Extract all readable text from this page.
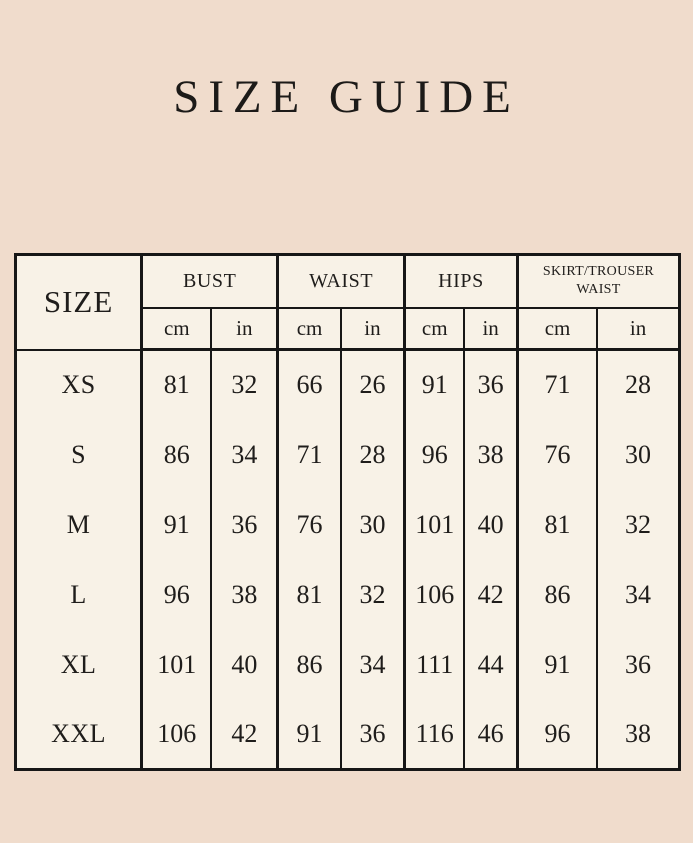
SIZE GUIDE
SIZE	BUST		WAIST		HIPS		SKIRT/TROUSER WAIST	
	cm	in	cm	in	cm	in	cm	in
XS	81	32	66	26	91	36	71	28
S	86	34	71	28	96	38	76	30
M	91	36	76	30	101	40	81	32
L	96	38	81	32	106	42	86	34
XL	101	40	86	34	111	44	91	36
XXL	106	42	91	36	116	46	96	38
